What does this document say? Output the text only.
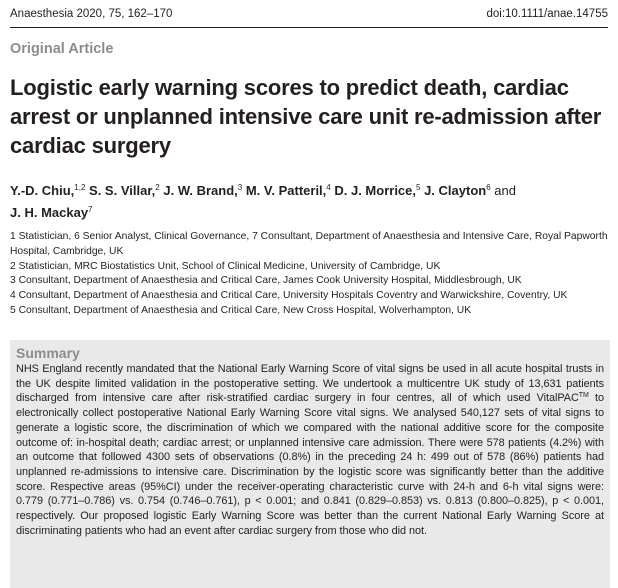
Anaesthesia 2020, 75, 162–170	doi:10.1111/anae.14755
Original Article
Logistic early warning scores to predict death, cardiac arrest or unplanned intensive care unit re-admission after cardiac surgery
Y.-D. Chiu,$^{1,2}$ S. S. Villar,$^2$ J. W. Brand,$^3$ M. V. Patteril,$^4$ D. J. Morrice,$^5$ J. Clayton$^6$ and
J. H. Mackay$^7$

1 Statistician, 6 Senior Analyst, Clinical Governance, 7 Consultant, Department of Anaesthesia and Intensive Care, Royal Papworth Hospital, Cambridge, UK

2 Statistician, MRC Biostatistics Unit, School of Clinical Medicine, University of Cambridge, UK

3 Consultant, Department of Anaesthesia and Critical Care, James Cook University Hospital, Middlesbrough, UK

4 Consultant, Department of Anaesthesia and Critical Care, University Hospitals Coventry and Warwickshire, Coventry, UK

5 Consultant, Department of Anaesthesia and Critical Care, New Cross Hospital, Wolverhampton, UK

Summary

NHS England recently mandated that the National Early Warning Score of vital signs be used in all acute hospital trusts in the UK despite limited validation in the postoperative setting. We undertook a multicentre UK study of 13,631 patients discharged from intensive care after risk-stratified cardiac surgery in four centres, all of which used VitalPAC™ to electronically collect postoperative National Early Warning Score vital signs. We analysed 540,127 sets of vital signs to generate a logistic score, the discrimination of which we compared with the national additive score for the composite outcome of: in-hospital death; cardiac arrest; or unplanned intensive care admission. There were 578 patients (4.2%) with an outcome that followed 4300 sets of observations (0.8%) in the preceding 24 h: 499 out of 578 (86%) patients had unplanned re-admissions to intensive care. Discrimination by the logistic score was significantly better than the additive score. Respective areas (95%CI) under the receiver-operating characteristic curve with 24-h and 6-h vital signs were: 0.779 (0.771–0.786) vs. 0.754 (0.746–0.761), p < 0.001; and 0.841 (0.829–0.853) vs. 0.813 (0.800–0.825), p < 0.001, respectively. Our proposed logistic Early Warning Score was better than the current National Early Warning Score at discriminating patients who had an event after cardiac surgery from those who did not.
